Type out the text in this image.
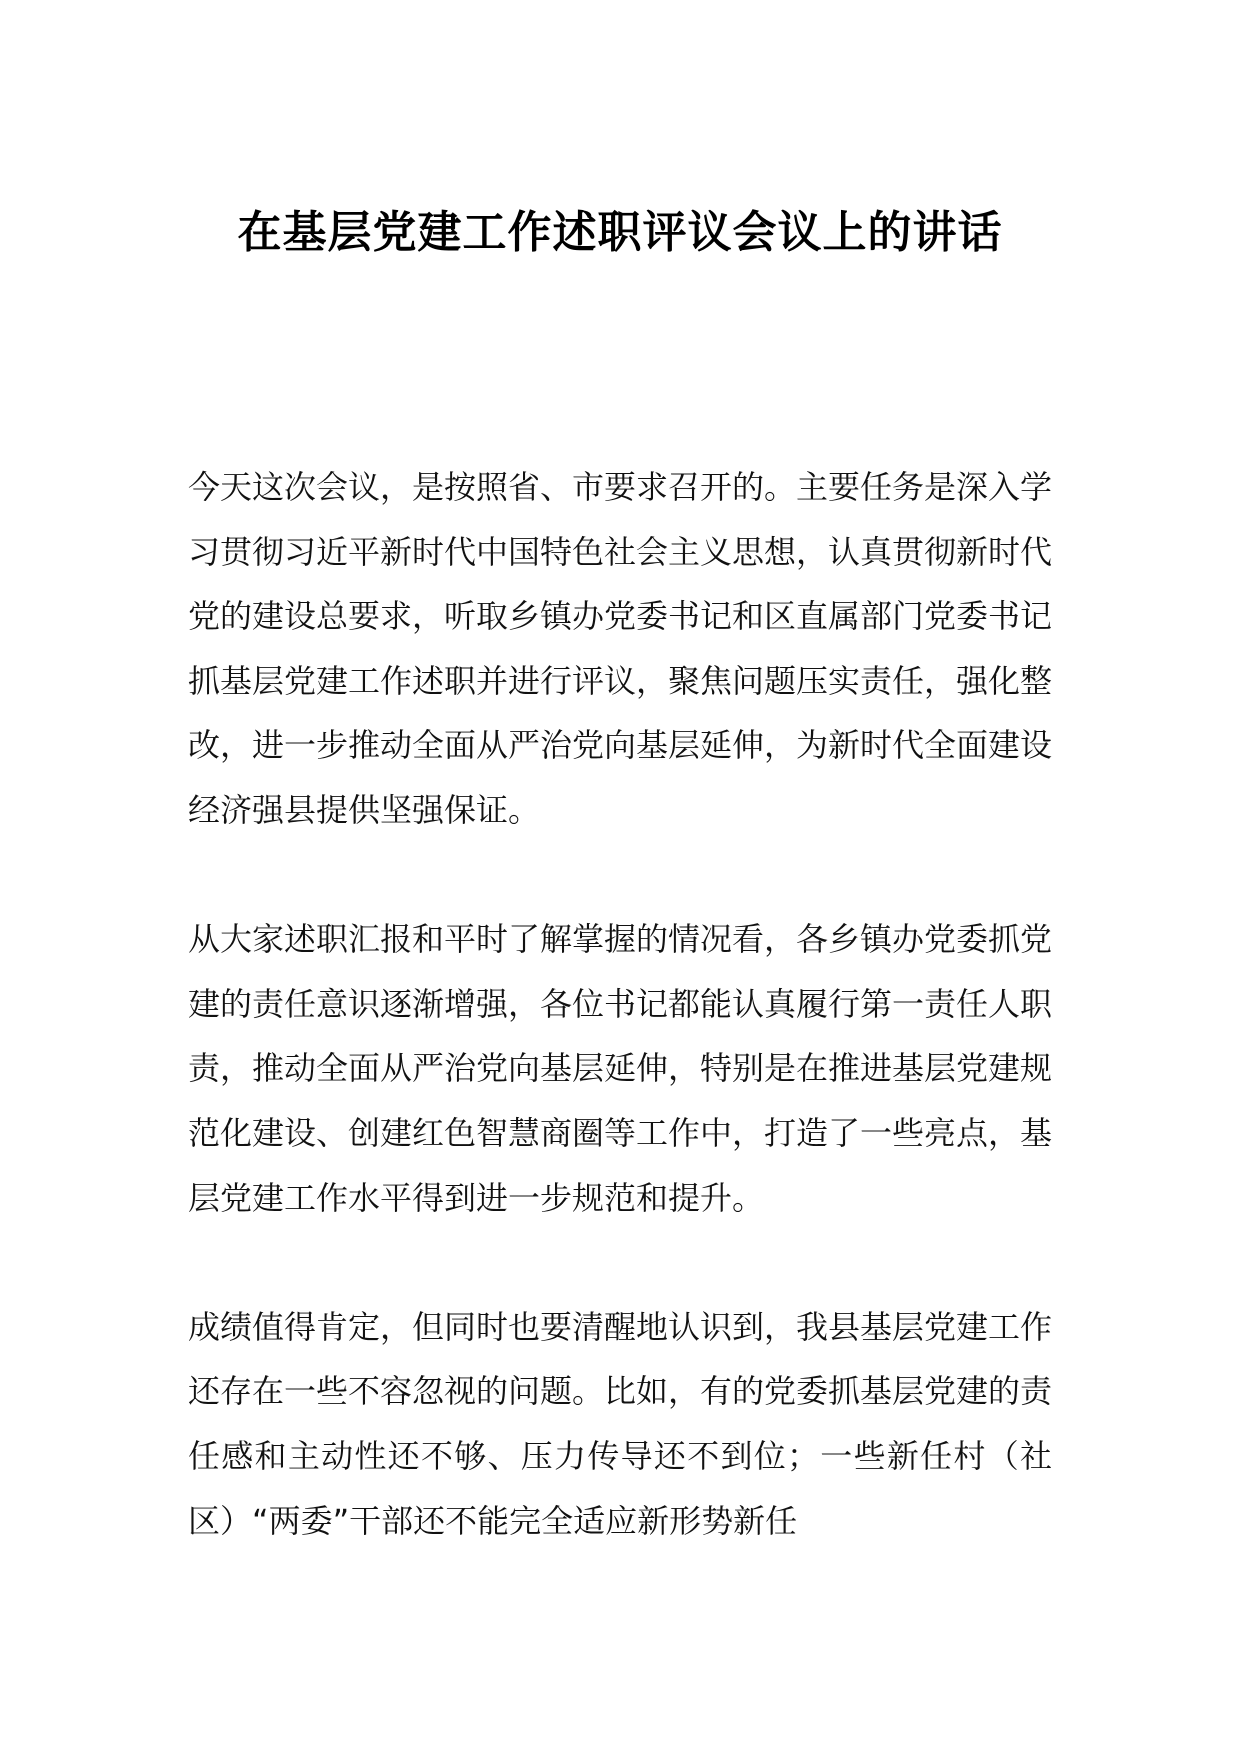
在基层党建工作述职评议会议上的讲话

今天这次会议，是按照省、市要求召开的。主要任务是深入学习贯彻习近平新时代中国特色社会主义思想，认真贯彻新时代党的建设总要求，听取乡镇办党委书记和区直属部门党委书记抓基层党建工作述职并进行评议，聚焦问题压实责任，强化整改，进一步推动全面从严治党向基层延伸，为新时代全面建设经济强县提供坚强保证。

从大家述职汇报和平时了解掌握的情况看，各乡镇办党委抓党建的责任意识逐渐增强，各位书记都能认真履行第一责任人职责，推动全面从严治党向基层延伸，特别是在推进基层党建规范化建设、创建红色智慧商圈等工作中，打造了一些亮点，基层党建工作水平得到进一步规范和提升。

成绩值得肯定，但同时也要清醒地认识到，我县基层党建工作还存在一些不容忽视的问题。比如，有的党委抓基层党建的责任感和主动性还不够、压力传导还不到位；一些新任村（社区）“两委”干部还不能完全适应新形势新任
